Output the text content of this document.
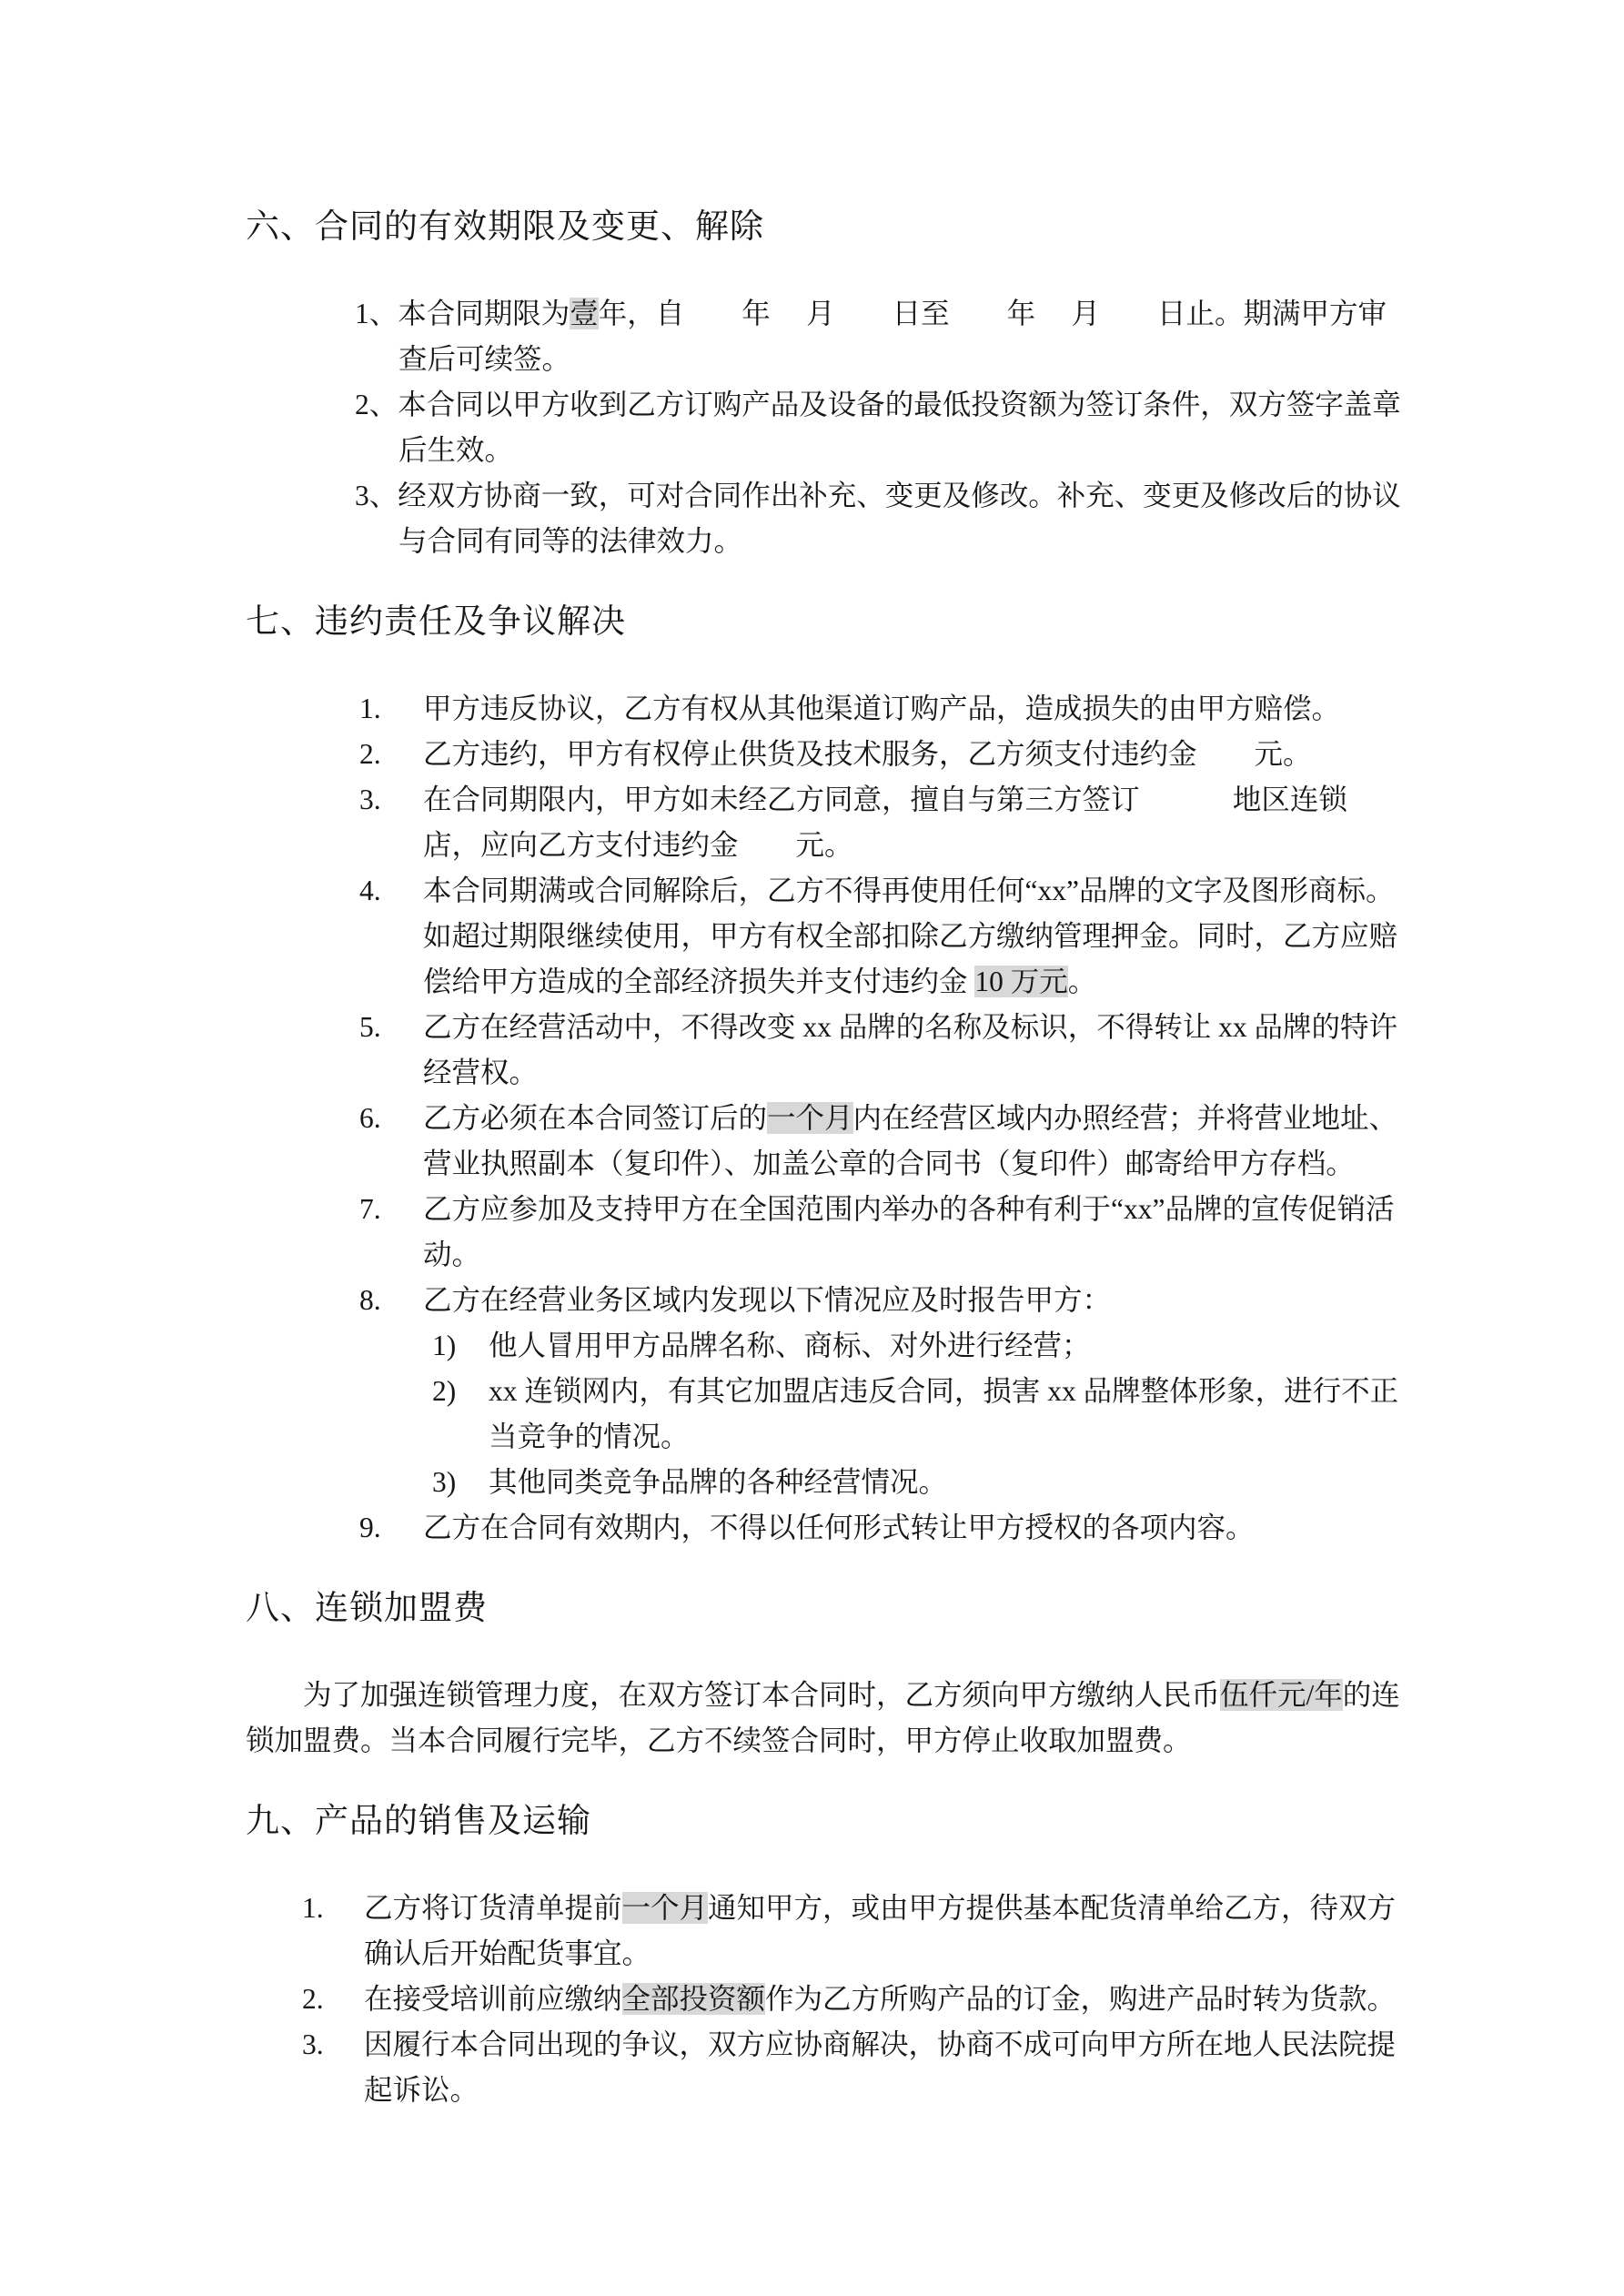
六、合同的有效期限及变更、解除
1、本合同期限为壹年，自　　年　 月　　日至　　年　 月　　日止。期满甲方审查后可续签。
2、本合同以甲方收到乙方订购产品及设备的最低投资额为签订条件，双方签字盖章后生效。
3、经双方协商一致，可对合同作出补充、变更及修改。补充、变更及修改后的协议与合同有同等的法律效力。
七、违约责任及争议解决
1. 甲方违反协议，乙方有权从其他渠道订购产品，造成损失的由甲方赔偿。
2. 乙方违约，甲方有权停止供货及技术服务，乙方须支付违约金　　元。
3. 在合同期限内，甲方如未经乙方同意，擅自与第三方签订　　　 地区连锁店，应向乙方支付违约金　　元。
4. 本合同期满或合同解除后，乙方不得再使用任何“xx”品牌的文字及图形商标。如超过期限继续使用，甲方有权全部扣除乙方缴纳管理押金。同时，乙方应赔偿给甲方造成的全部经济损失并支付违约金 10 万元。
5. 乙方在经营活动中，不得改变 xx 品牌的名称及标识，不得转让 xx 品牌的特许经营权。
6. 乙方必须在本合同签订后的一个月内在经营区域内办照经营；并将营业地址、营业执照副本（复印件）、加盖公章的合同书（复印件）邮寄给甲方存档。
7. 乙方应参加及支持甲方在全国范围内举办的各种有利于“xx”品牌的宣传促销活动。
8. 乙方在经营业务区域内发现以下情况应及时报告甲方：
1) 他人冒用甲方品牌名称、商标、对外进行经营；
2) xx 连锁网内，有其它加盟店违反合同，损害 xx 品牌整体形象，进行不正当竞争的情况。
3) 其他同类竞争品牌的各种经营情况。
9. 乙方在合同有效期内，不得以任何形式转让甲方授权的各项内容。
八、连锁加盟费

为了加强连锁管理力度，在双方签订本合同时，乙方须向甲方缴纳人民币伍仟元/年的连锁加盟费。当本合同履行完毕，乙方不续签合同时，甲方停止收取加盟费。

九、产品的销售及运输
1. 乙方将订货清单提前一个月通知甲方，或由甲方提供基本配货清单给乙方，待双方确认后开始配货事宜。
2. 在接受培训前应缴纳全部投资额作为乙方所购产品的订金，购进产品时转为货款。
3. 因履行本合同出现的争议，双方应协商解决，协商不成可向甲方所在地人民法院提起诉讼。
